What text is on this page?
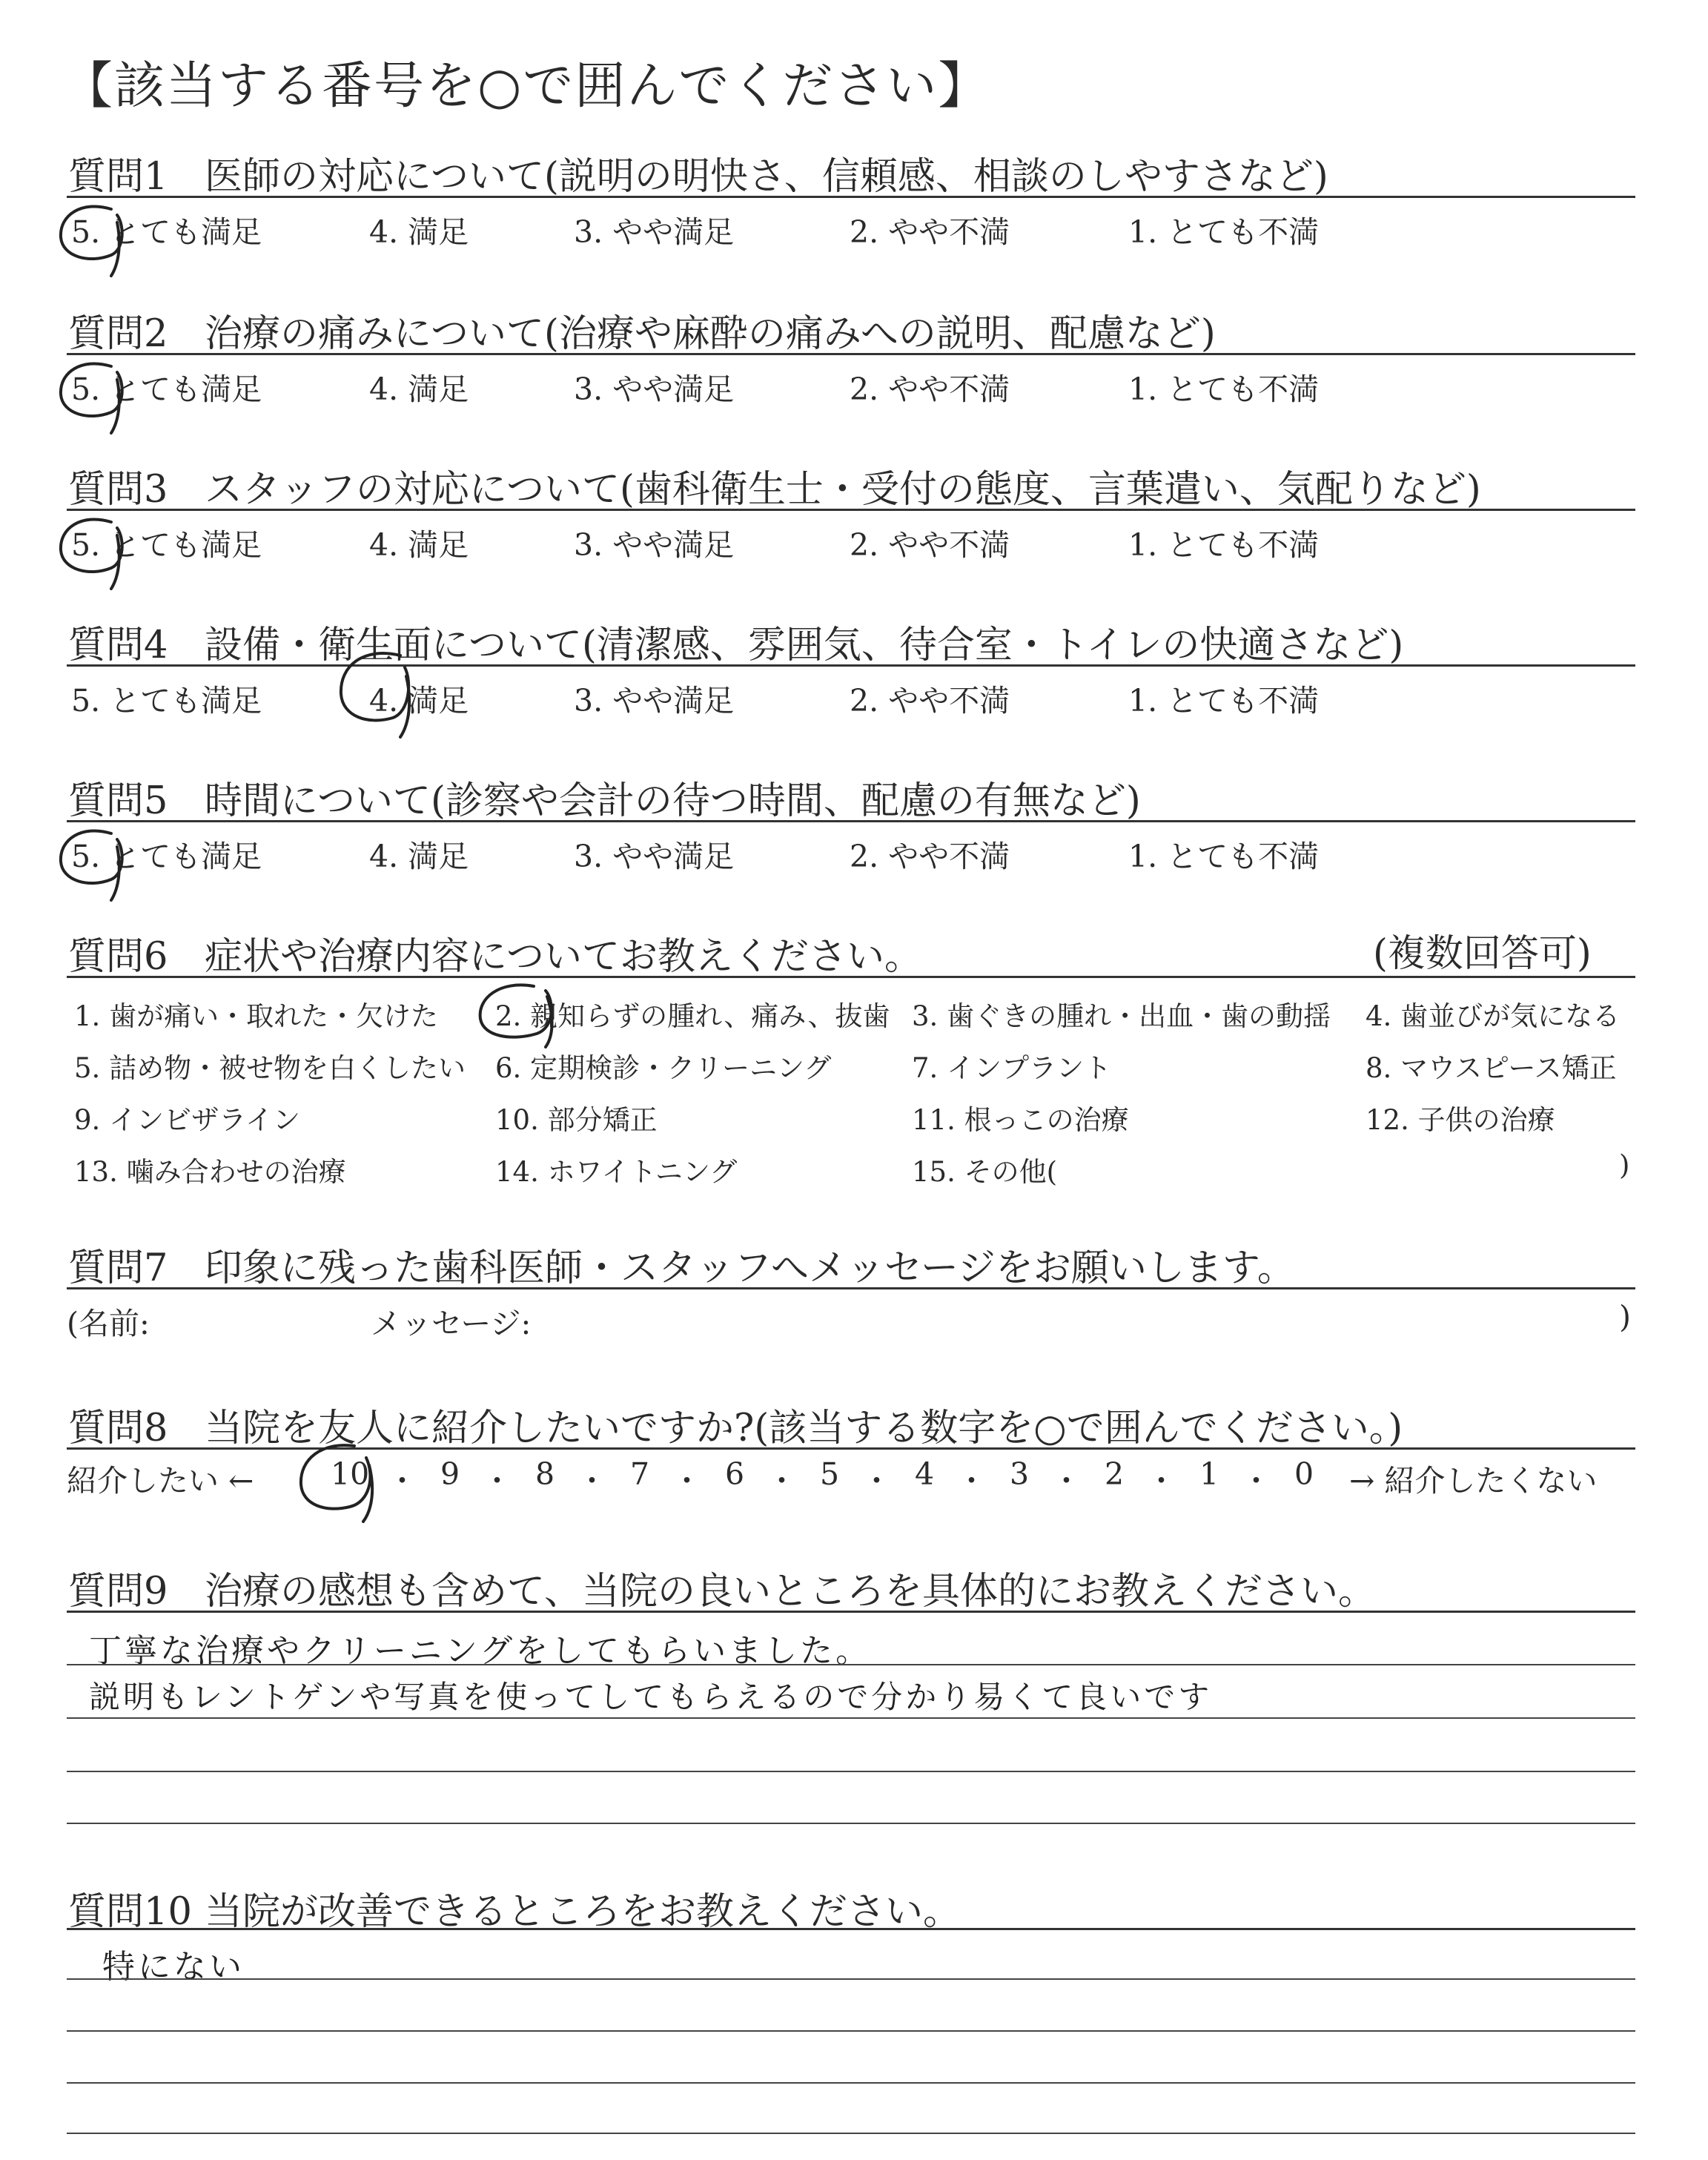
【該当する番号を○で囲んでください】
質問1 医師の対応について(説明の明快さ、信頼感、相談のしやすさなど)
5. とても満足	4. 満足	3. やや満足	2. やや不満	1. とても不満
質問2 治療の痛みについて(治療や麻酔の痛みへの説明、配慮など)
5. とても満足	4. 満足	3. やや満足	2. やや不満	1. とても不満
質問3 スタッフの対応について(歯科衛生士・受付の態度、言葉遣い、気配りなど)
5. とても満足	4. 満足	3. やや満足	2. やや不満	1. とても不満
質問4 設備・衛生面について(清潔感、雰囲気、待合室・トイレの快適さなど)
5. とても満足	4. 満足	3. やや満足	2. やや不満	1. とても不満
質問5 時間について(診察や会計の待つ時間、配慮の有無など)
5. とても満足	4. 満足	3. やや満足	2. やや不満	1. とても不満
質問6 症状や治療内容についてお教えください。	(複数回答可)
1. 歯が痛い・取れた・欠けた 2. 親知らずの腫れ、痛み、抜歯 3. 歯ぐきの腫れ・出血・歯の動揺 4. 歯並びが気になる
5. 詰め物・被せ物を白くしたい 6. 定期検診・クリーニング	7. インプラント	8. マウスピース矯正
9. インビザライン	10. 部分矯正	11. 根っこの治療	12. 子供の治療
13. 噛み合わせの治療	14. ホワイトニング	15. その他(	)
質問7 印象に残った歯科医師・スタッフへメッセージをお願いします。
(名前:	メッセージ:	)
質問8 当院を友人に紹介したいですか?(該当する数字を○で囲んでください。)
紹介したい ←	10 ・ 9 ・ 8 ・ 7 ・ 6 ・ 5 ・ 4 ・ 3 ・ 2 ・ 1 ・ 0 → 紹介したくない
質問9 治療の感想も含めて、当院の良いところを具体的にお教えください。
丁寧な治療やクリーニングをしてもらいました。
説明もレントゲンや写真を使ってしてもらえるので分かり易くて良いです
質問10 当院が改善できるところをお教えください。
特にない
